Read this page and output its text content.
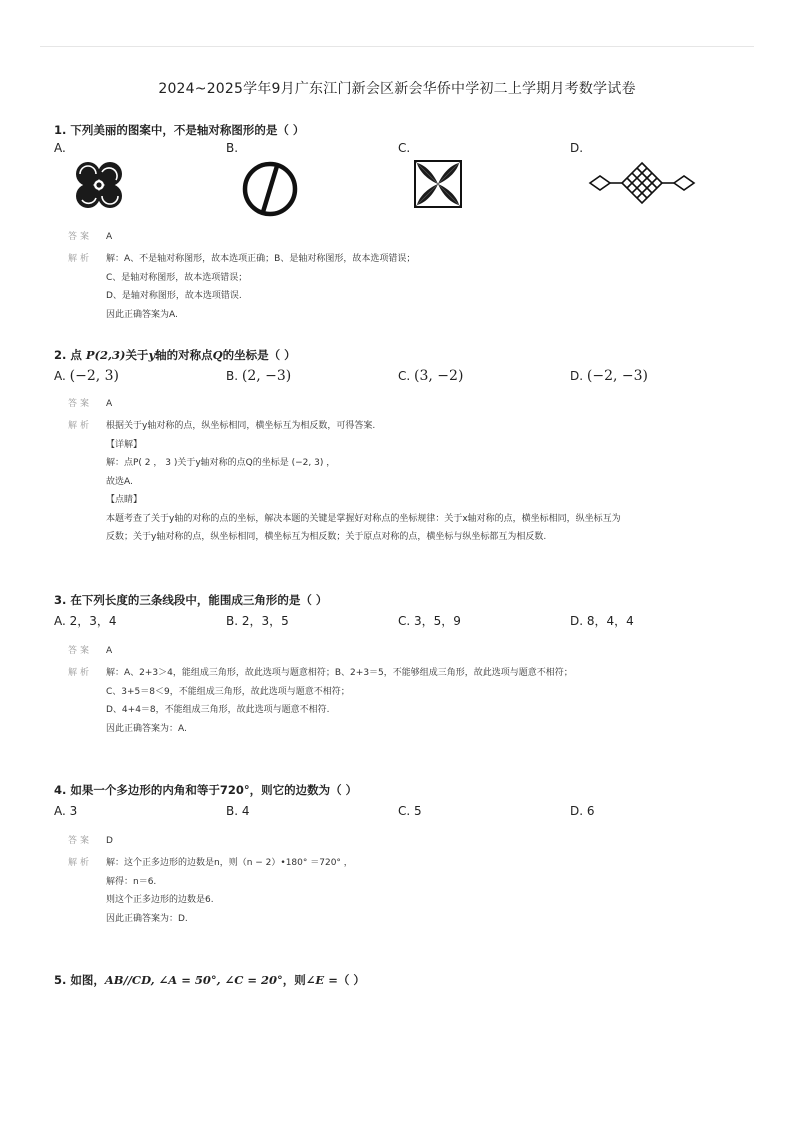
2024~2025学年9月广东江门新会区新会华侨中学初二上学期月考数学试卷
1. 下列美丽的图案中，不是轴对称图形的是（ ）
A.	B.	C.	D.
答案 A
解析 解：A、不是轴对称图形，故本选项正确；B、是轴对称图形，故本选项错误；
C、是轴对称图形，故本选项错误；
D、是轴对称图形，故本选项错误.
因此正确答案为A.
2. 点 P(2,3)关于y轴的对称点Q的坐标是（ ）
A. (−2, 3)	B. (2, −3)	C. (3, −2)	D. (−2, −3)
答案 A
解析 根据关于y轴对称的点，纵坐标相同，横坐标互为相反数，可得答案.
【详解】
解：点P( 2 ， 3 )关于y轴对称的点Q的坐标是 (−2, 3) ，
故选A.
【点睛】
本题考查了关于y轴的对称的点的坐标，解决本题的关键是掌握好对称点的坐标规律：关于x轴对称的点，横坐标相同，纵坐标互为
反数；关于y轴对称的点，纵坐标相同，横坐标互为相反数；关于原点对称的点，横坐标与纵坐标都互为相反数.
3. 在下列长度的三条线段中，能围成三角形的是（ ）
A. 2，3，4	B. 2，3，5	C. 3，5，9	D. 8，4，4
答案 A
解析 解：A、2+3＞4，能组成三角形，故此选项与题意相符；B、2+3＝5，不能够组成三角形，故此选项与题意不相符；
C、3+5＝8＜9，不能组成三角形，故此选项与题意不相符；
D、4+4＝8，不能组成三角形，故此选项与题意不相符.
因此正确答案为：A.
4. 如果一个多边形的内角和等于720°，则它的边数为（ ）
A. 3	B. 4	C. 5	D. 6
答案 D
解析 解：这个正多边形的边数是n，则（n − 2）•180° ＝720° ，
解得：n＝6.
则这个正多边形的边数是6.
因此正确答案为：D.
5. 如图，AB//CD, ∠A = 50°, ∠C = 20°，则∠E =（ ）
